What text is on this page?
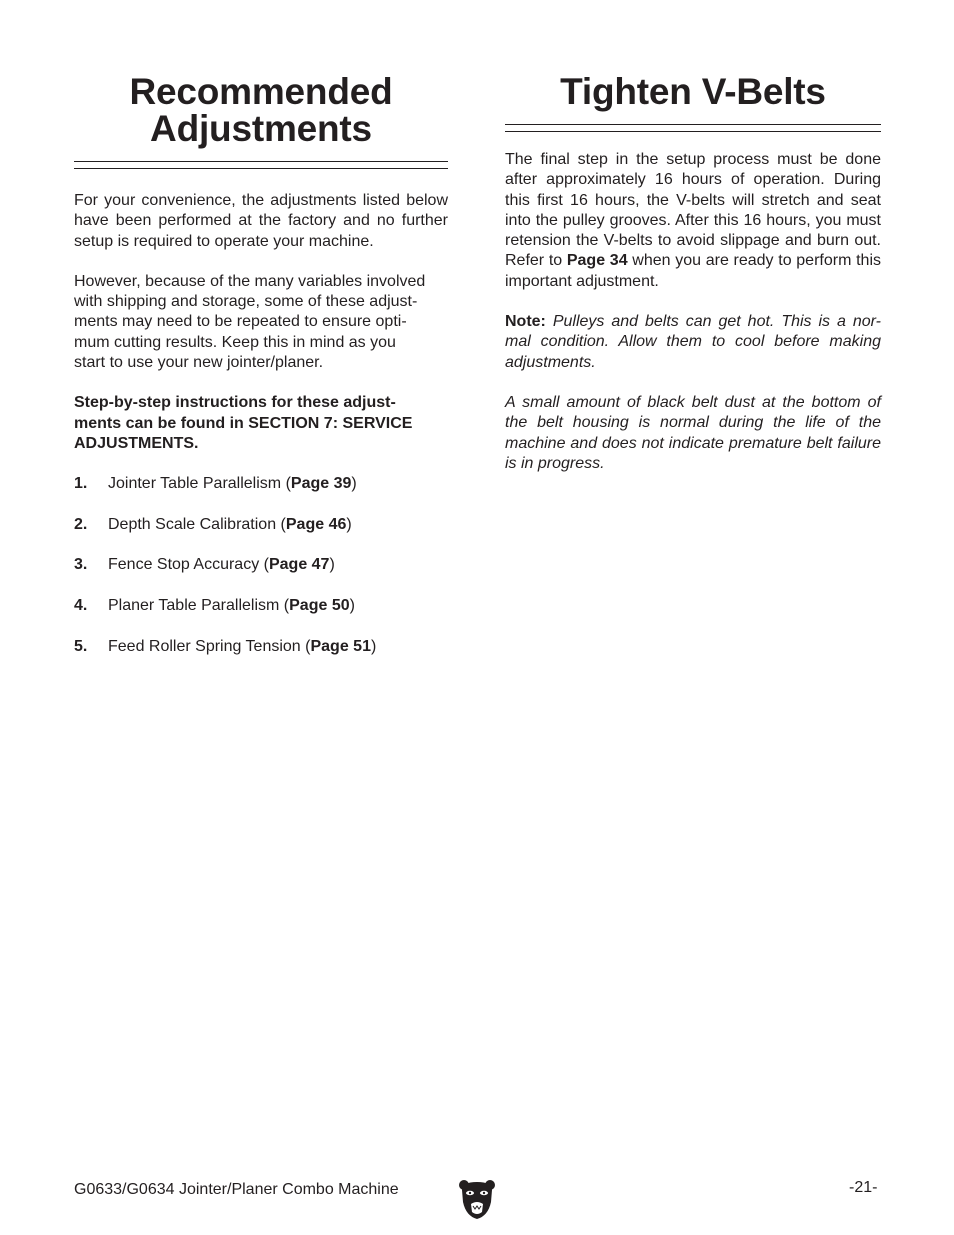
Recommended
Adjustments

For your convenience, the adjustments listed below have been performed at the factory and no further setup is required to operate your machine.

However, because of the many variables involved
with shipping and storage, some of these adjust-
ments may need to be repeated to ensure opti-
mum cutting results. Keep this in mind as you
start to use your new jointer/planer.

Step-by-step instructions for these adjust-
ments can be found in SECTION 7: SERVICE
ADJUSTMENTS.

1.	Jointer Table Parallelism (Page 39)
2.	Depth Scale Calibration (Page 46)
3.	Fence Stop Accuracy (Page 47)
4.	Planer Table Parallelism (Page 50)
5.	Feed Roller Spring Tension (Page 51)
Tighten V-Belts

The final step in the setup process must be done after approximately 16 hours of operation. During this first 16 hours, the V-belts will stretch and seat into the pulley grooves. After this 16 hours, you must retension the V-belts to avoid slippage and burn out. Refer to Page 34 when you are ready to perform this important adjustment.

Note: Pulleys and belts can get hot. This is a nor-mal condition. Allow them to cool before making adjustments.

A small amount of black belt dust at the bottom of the belt housing is normal during the life of the machine and does not indicate premature belt failure is in progress.

G0633/G0634 Jointer/Planer Combo Machine	-21-
